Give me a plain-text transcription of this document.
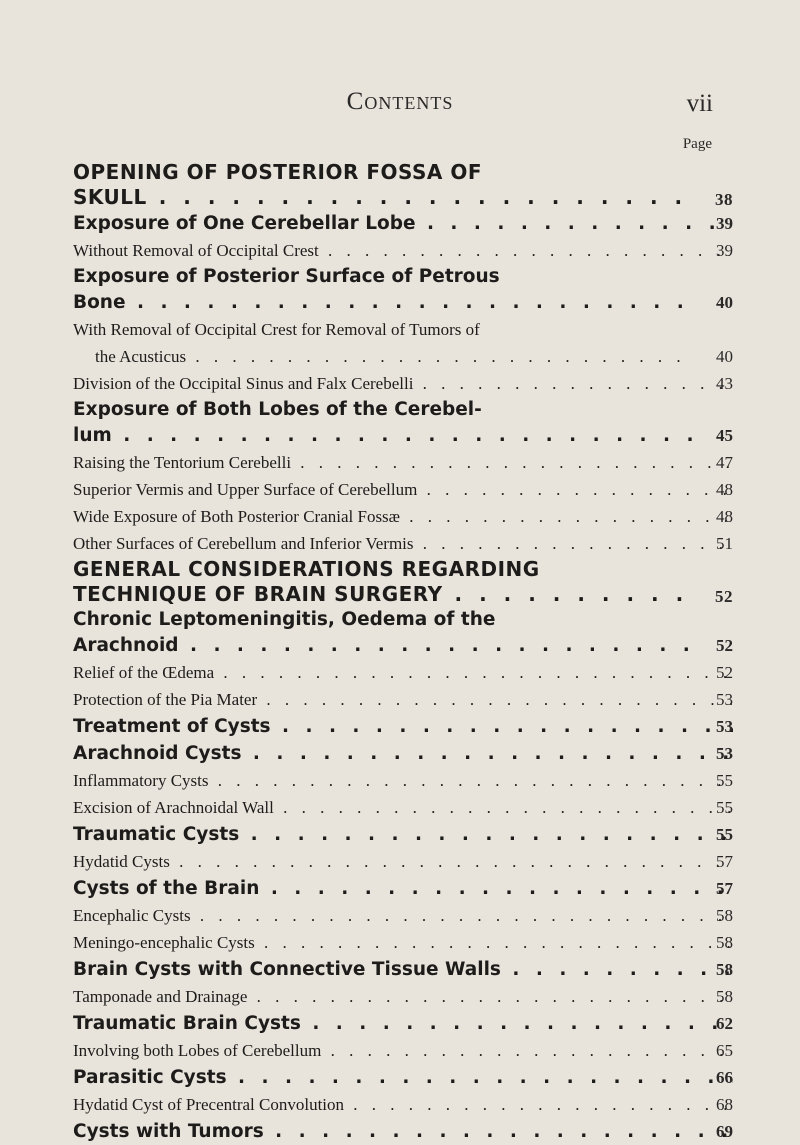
Contents	vii
Page
OPENING OF POSTERIOR FOSSA OF
SKULL . . .	38
Exposure of One Cerebellar Lobe . . .	39
Without Removal of Occipital Crest . . .	39
Exposure of Posterior Surface of Petrous
Bone . . .	40
With Removal of Occipital Crest for Removal of Tumors of
the Acusticus . . .	40
Division of the Occipital Sinus and Falx Cerebelli . . .	43
Exposure of Both Lobes of the Cerebel-
lum . . .	45
Raising the Tentorium Cerebelli . . .	47
Superior Vermis and Upper Surface of Cerebellum . . .	48
Wide Exposure of Both Posterior Cranial Fossæ . . .	48
Other Surfaces of Cerebellum and Inferior Vermis . . .	51
GENERAL CONSIDERATIONS REGARDING
TECHNIQUE OF BRAIN SURGERY . . .	52
Chronic Leptomeningitis, Oedema of the
Arachnoid . . .	52
Relief of the Œdema . . .	52
Protection of the Pia Mater . . .	53
Treatment of Cysts . . .	53
Arachnoid Cysts . . .	53
Inflammatory Cysts . . .	55
Excision of Arachnoidal Wall . . .	55
Traumatic Cysts . . .	55
Hydatid Cysts . . .	57
Cysts of the Brain . . .	57
Encephalic Cysts . . .	58
Meningo-encephalic Cysts . . .	58
Brain Cysts with Connective Tissue Walls . . .	58
Tamponade and Drainage . . .	58
Traumatic Brain Cysts . . .	62
Involving both Lobes of Cerebellum . . .	65
Parasitic Cysts . . .	66
Hydatid Cyst of Precentral Convolution . . .	68
Cysts with Tumors . . .	69
